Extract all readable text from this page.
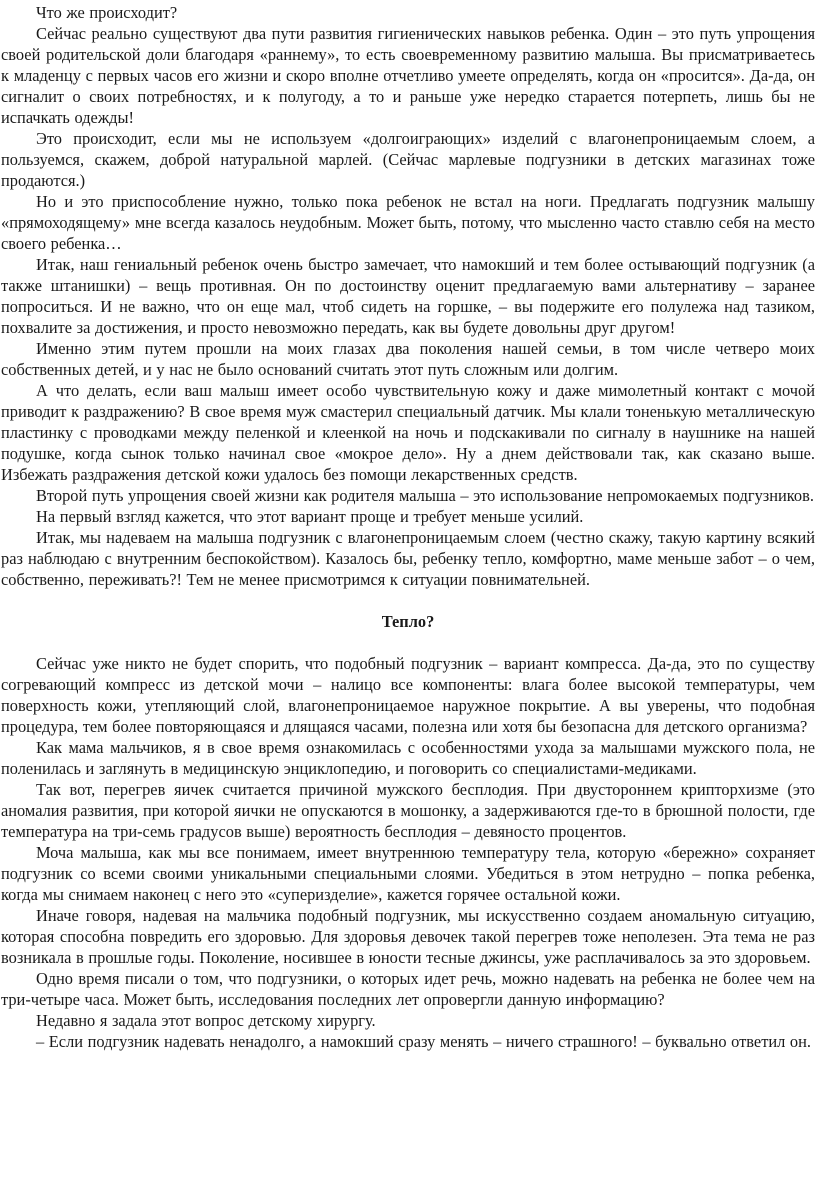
Что же происходит?

Сейчас реально существуют два пути развития гигиенических навыков ребенка. Один – это путь упрощения своей родительской доли благодаря «раннему», то есть своевременному развитию малыша. Вы присматриваетесь к младенцу с первых часов его жизни и скоро вполне отчетливо умеете определять, когда он «просится». Да-да, он сигналит о своих потребностях, и к полугоду, а то и раньше уже нередко старается потерпеть, лишь бы не испачкать одежды!

Это происходит, если мы не используем «долгоиграющих» изделий с влагонепроницаемым слоем, а пользуемся, скажем, доброй натуральной марлей. (Сейчас марлевые подгузники в детских магазинах тоже продаются.)

Но и это приспособление нужно, только пока ребенок не встал на ноги. Предлагать подгузник малышу «прямоходящему» мне всегда казалось неудобным. Может быть, потому, что мысленно часто ставлю себя на место своего ребенка…

Итак, наш гениальный ребенок очень быстро замечает, что намокший и тем более остывающий подгузник (а также штанишки) – вещь противная. Он по достоинству оценит предлагаемую вами альтернативу – заранее попроситься. И не важно, что он еще мал, чтоб сидеть на горшке, – вы подержите его полулежа над тазиком, похвалите за достижения, и просто невозможно передать, как вы будете довольны друг другом!

Именно этим путем прошли на моих глазах два поколения нашей семьи, в том числе четверо моих собственных детей, и у нас не было оснований считать этот путь сложным или долгим.

А что делать, если ваш малыш имеет особо чувствительную кожу и даже мимолетный контакт с мочой приводит к раздражению? В свое время муж смастерил специальный датчик. Мы клали тоненькую металлическую пластинку с проводками между пеленкой и клеенкой на ночь и подскакивали по сигналу в наушнике на нашей подушке, когда сынок только начинал свое «мокрое дело». Ну а днем действовали так, как сказано выше. Избежать раздражения детской кожи удалось без помощи лекарственных средств.

Второй путь упрощения своей жизни как родителя малыша – это использование непромокаемых подгузников.

На первый взгляд кажется, что этот вариант проще и требует меньше усилий.

Итак, мы надеваем на малыша подгузник с влагонепроницаемым слоем (честно скажу, такую картину всякий раз наблюдаю с внутренним беспокойством). Казалось бы, ребенку тепло, комфортно, маме меньше забот – о чем, собственно, переживать?! Тем не менее присмотримся к ситуации повнимательней.

Тепло?

Сейчас уже никто не будет спорить, что подобный подгузник – вариант компресса. Да-да, это по существу согревающий компресс из детской мочи – налицо все компоненты: влага более высокой температуры, чем поверхность кожи, утепляющий слой, влагонепроницаемое наружное покрытие. А вы уверены, что подобная процедура, тем более повторяющаяся и длящаяся часами, полезна или хотя бы безопасна для детского организма?

Как мама мальчиков, я в свое время ознакомилась с особенностями ухода за малышами мужского пола, не поленилась и заглянуть в медицинскую энциклопедию, и поговорить со специалистами-медиками.

Так вот, перегрев яичек считается причиной мужского бесплодия. При двустороннем крипторхизме (это аномалия развития, при которой яички не опускаются в мошонку, а задерживаются где-то в брюшной полости, где температура на три-семь градусов выше) вероятность бесплодия – девяносто процентов.

Моча малыша, как мы все понимаем, имеет внутреннюю температуру тела, которую «бережно» сохраняет подгузник со всеми своими уникальными специальными слоями. Убедиться в этом нетрудно – попка ребенка, когда мы снимаем наконец с него это «суперизделие», кажется горячее остальной кожи.

Иначе говоря, надевая на мальчика подобный подгузник, мы искусственно создаем аномальную ситуацию, которая способна повредить его здоровью. Для здоровья девочек такой перегрев тоже неполезен. Эта тема не раз возникала в прошлые годы. Поколение, носившее в юности тесные джинсы, уже расплачивалось за это здоровьем.

Одно время писали о том, что подгузники, о которых идет речь, можно надевать на ребенка не более чем на три-четыре часа. Может быть, исследования последних лет опровергли данную информацию?

Недавно я задала этот вопрос детскому хирургу.

– Если подгузник надевать ненадолго, а намокший сразу менять – ничего страшного! – буквально ответил он.
